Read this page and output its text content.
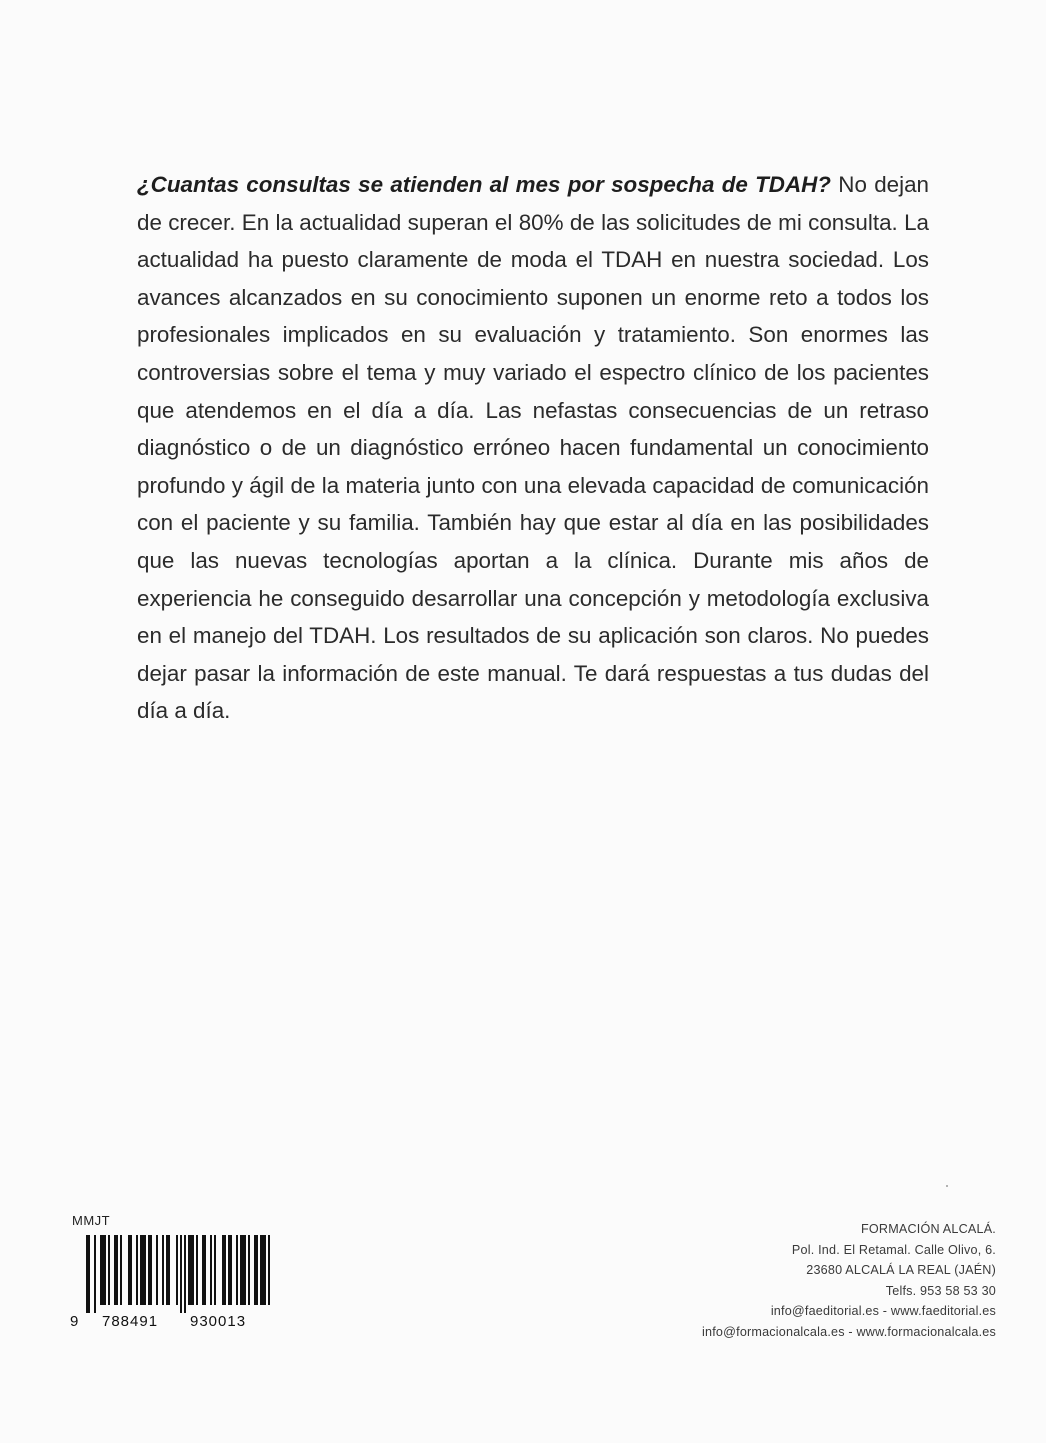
¿Cuantas consultas se atienden al mes por sospecha de TDAH? No dejan de crecer. En la actualidad superan el 80% de las solicitudes de mi consulta. La actualidad ha puesto claramente de moda el TDAH en nuestra sociedad. Los avances alcanzados en su conocimiento suponen un enorme reto a todos los profesionales implicados en su evaluación y tratamiento. Son enormes las controversias sobre el tema y muy variado el espectro clínico de los pacientes que atendemos en el día a día. Las nefastas consecuencias de un retraso diagnóstico o de un diagnóstico erróneo hacen fundamental un conocimiento profundo y ágil de la materia junto con una elevada capacidad de comunicación con el paciente y su familia. También hay que estar al día en las posibilidades que las nuevas tecnologías aportan a la clínica. Durante mis años de experiencia he conseguido desarrollar una concepción y metodología exclusiva en el manejo del TDAH. Los resultados de su aplicación son claros. No puedes dejar pasar la información de este manual. Te dará respuestas a tus dudas del día a día.
MMJT
9 788491 930013
FORMACIÓN ALCALÁ.
Pol. Ind. El Retamal. Calle Olivo, 6.
23680 ALCALÁ LA REAL (JAÉN)
Telfs. 953 58 53 30
info@faeditorial.es - www.faeditorial.es
info@formacionalcala.es - www.formacionalcala.es
